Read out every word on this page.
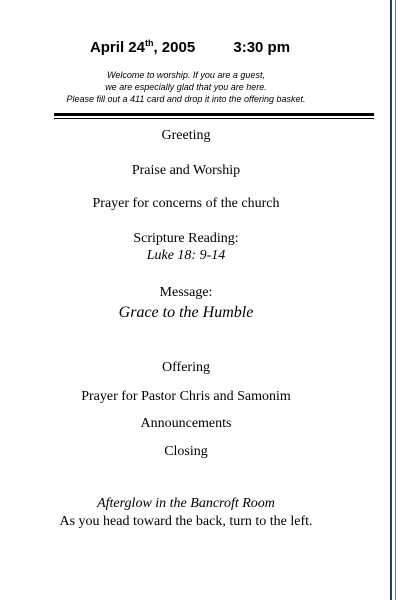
April 24th, 2005	3:30 pm
Welcome to worship. If you are a guest,
we are especially glad that you are here.
Please fill out a 411 card and drop it into the offering basket.
Greeting
Praise and Worship
Prayer for concerns of the church
Scripture Reading:
Luke 18: 9-14
Message:
Grace to the Humble
Offering
Prayer for Pastor Chris and Samonim
Announcements
Closing
Afterglow in the Bancroft Room
As you head toward the back, turn to the left.
